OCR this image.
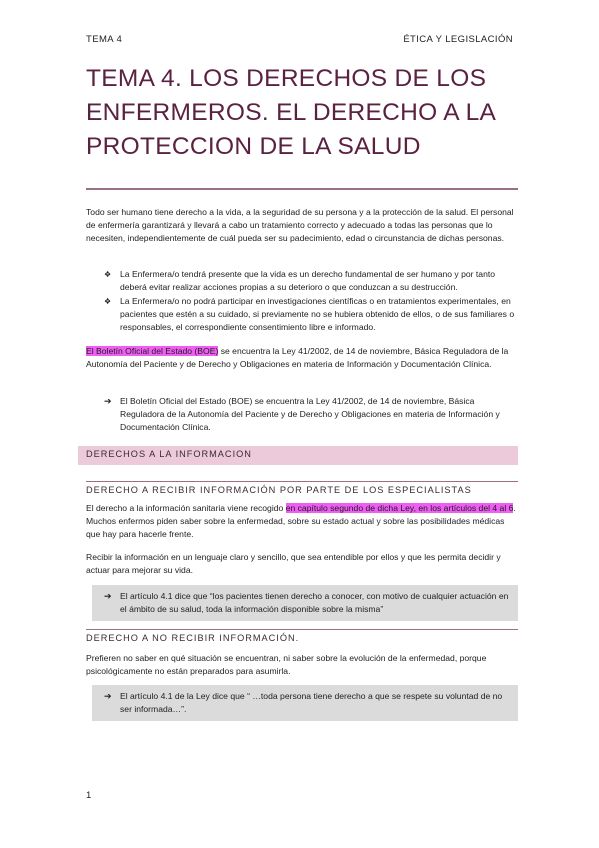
TEMA 4	ÉTICA Y LEGISLACIÓN
TEMA 4. LOS DERECHOS DE LOS ENFERMEROS. EL DERECHO A LA PROTECCION DE LA SALUD
Todo ser humano tiene derecho a la vida, a la seguridad de su persona y a la protección de la salud. El personal de enfermería garantizará y llevará a cabo un tratamiento correcto y adecuado a todas las personas que lo necesiten, independientemente de cuál pueda ser su padecimiento, edad o circunstancia de dichas personas.
❖ La Enfermera/o tendrá presente que la vida es un derecho fundamental de ser humano y por tanto deberá evitar realizar acciones propias a su deterioro o que conduzcan a su destrucción.
❖ La Enfermera/o no podrá participar en investigaciones científicas o en tratamientos experimentales, en pacientes que estén a su cuidado, si previamente no se hubiera obtenido de ellos, o de sus familiares o responsables, el correspondiente consentimiento libre e informado.
El Boletín Oficial del Estado (BOE) se encuentra la Ley 41/2002, de 14 de noviembre, Básica Reguladora de la Autonomía del Paciente y de Derecho y Obligaciones en materia de Información y Documentación Clínica.
➔ El Boletín Oficial del Estado (BOE) se encuentra la Ley 41/2002, de 14 de noviembre, Básica Reguladora de la Autonomía del Paciente y de Derecho y Obligaciones en materia de Información y Documentación Clínica.
DERECHOS A LA INFORMACION
DERECHO A RECIBIR INFORMACIÓN POR PARTE DE LOS ESPECIALISTAS
El derecho a la información sanitaria viene recogido en capítulo segundo de dicha Ley, en los artículos del 4 al 6. Muchos enfermos piden saber sobre la enfermedad, sobre su estado actual y sobre las posibilidades médicas que hay para hacerle frente.
Recibir la información en un lenguaje claro y sencillo, que sea entendible por ellos y que les permita decidir y actuar para mejorar su vida.
➔ El artículo 4.1 dice que “los pacientes tienen derecho a conocer, con motivo de cualquier actuación en el ámbito de su salud, toda la información disponible sobre la misma”
DERECHO A NO RECIBIR INFORMACIÓN.
Prefieren no saber en qué situación se encuentran, ni saber sobre la evolución de la enfermedad, porque psicológicamente no están preparados para asumirla.
➔ El artículo 4.1 de la Ley dice que “ …toda persona tiene derecho a que se respete su voluntad de no ser informada…”.
1
